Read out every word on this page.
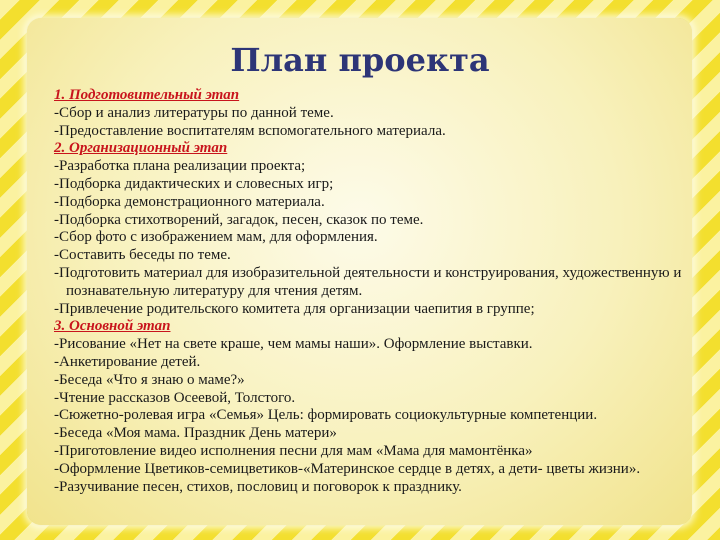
План проекта

1. Подготовительный этап

-Сбор и анализ литературы по данной теме.

-Предоставление воспитателям вспомогательного материала.

2. Организационный этап

-Разработка плана реализации проекта;

-Подборка дидактических и словесных игр;

-Подборка демонстрационного материала.

-Подборка стихотворений, загадок, песен, сказок по теме.

-Сбор фото с изображением мам, для оформления.

-Составить беседы по теме.

-Подготовить материал для изобразительной деятельности и конструирования, художественную и познавательную литературу для чтения детям.

-Привлечение родительского комитета для организации чаепития в группе;

3. Основной этап

-Рисование «Нет на свете краше, чем мамы наши». Оформление выставки.

-Анкетирование детей.

-Беседа «Что я знаю о маме?»

-Чтение рассказов Осеевой, Толстого.

-Сюжетно-ролевая игра «Семья» Цель: формировать социокультурные компетенции.

-Беседа «Моя мама. Праздник День матери»

-Приготовление видео исполнения песни для мам «Мама для мамонтёнка»

-Оформление Цветиков-семицветиков-«Материнское сердце в детях, а дети- цветы жизни».

-Разучивание песен, стихов, пословиц и поговорок к празднику.
